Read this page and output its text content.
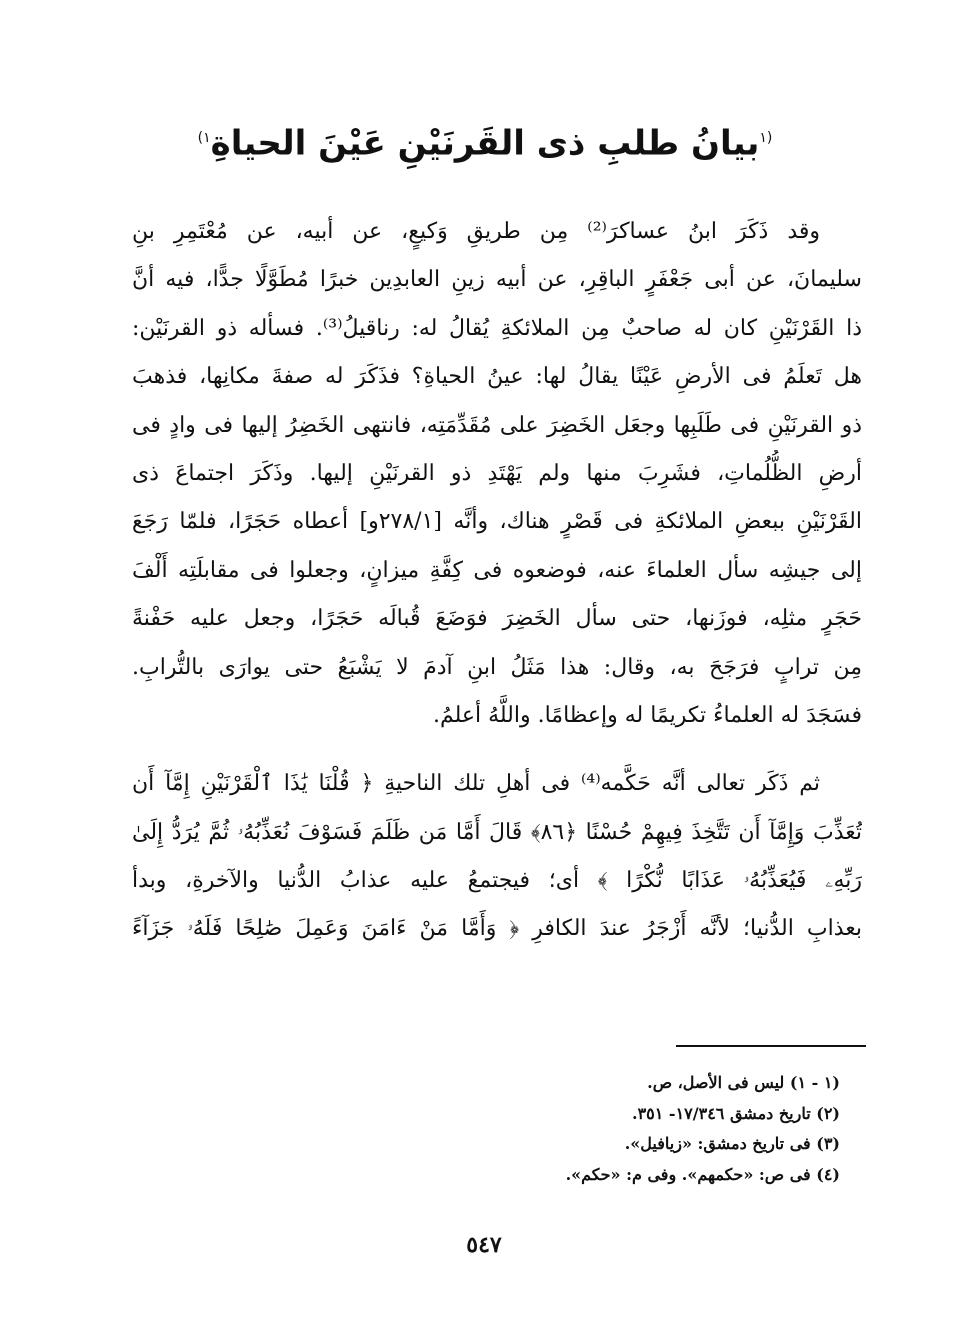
$^{(١}$بيانُ طلبِ ذى القَرنَيْنِ عَيْنَ الحياةِ$^{١)}$
وقد ذَكَرَ ابنُ عساكرَ⁽²⁾ مِن طريقِ وَكيعٍ، عن أبيه، عن مُعْتَمِرِ بنِ
سليمانَ، عن أبى جَعْفَرٍ الباقِرِ، عن أبيه زينِ العابدِين خبرًا مُطَوَّلًا جدًّا، فيه أنَّ
ذا القَرْنَيْنِ كان له صاحبٌ مِن الملائكةِ يُقالُ له: رناقيلُ⁽³⁾. فسأله ذو القرنَيْن:
هل تَعلَمُ فى الأرضِ عَيْنًا يقالُ لها: عينُ الحياةِ؟ فذَكَرَ له صفةَ مكانِها، فذهبَ
ذو القرنَيْنِ فى طَلَبِها وجعَل الخَضِرَ على مُقَدِّمَتِه، فانتهى الخَضِرُ إليها فى وادٍ فى
أرضِ الظُّلُماتِ، فشَرِبَ منها ولم يَهْتَدِ ذو القرنَيْنِ إليها. وذَكَرَ اجتماعَ ذى
القَرْنَيْنِ ببعضِ الملائكةِ فى قَصْرٍ هناك، وأنَّه [٢٧٨/١و] أعطاه حَجَرًا، فلمّا رَجَعَ
إلى جيشِه سأل العلماءَ عنه، فوضعوه فى كِفَّةِ ميزانٍ، وجعلوا فى مقابلَتِه أَلْفَ
حَجَرٍ مثلِه، فوزَنها، حتى سأل الخَضِرَ فوَضَعَ قُبالَه حَجَرًا، وجعل عليه حَفْنةً
مِن ترابٍ فرَجَحَ به، وقال: هذا مَثَلُ ابنِ آدمَ لا يَشْبَعُ حتى يوارَى بالتُّرابِ.
فسَجَدَ له العلماءُ تكريمًا له وإعظامًا. واللَّهُ أعلمُ.
ثم ذَكَر تعالى أنَّه حَكَّمه⁽⁴⁾ فى أهلِ تلك الناحيةِ ﴿ قُلْنَا يَٰذَا ٱلْقَرْنَيْنِ إِمَّآ أَن
تُعَذِّبَ وَإِمَّآ أَن تَتَّخِذَ فِيهِمْ حُسْنًا ﴿٨٦﴾ قَالَ أَمَّا مَن ظَلَمَ فَسَوْفَ نُعَذِّبُهُۥ ثُمَّ يُرَدُّ إِلَىٰ
رَبِّهِۦ فَيُعَذِّبُهُۥ عَذَابًا نُّكْرًا ﴾ أى؛ فيجتمعُ عليه عذابُ الدُّنيا والآخرةِ، وبدأ
بعذابِ الدُّنيا؛ لأنَّه أَزْجَرُ عندَ الكافرِ ﴿ وَأَمَّا مَنْ ءَامَنَ وَعَمِلَ صَٰلِحًا فَلَهُۥ جَزَآءً
(١ - ١) ليس فى الأصل، ص.
(٢) تاريخ دمشق ١٧/٣٤٦- ٣٥١.
(٣) فى تاريخ دمشق: «زيافيل».
(٤) فى ص: «حكمهم». وفى م: «حكم».
٥٤٧
